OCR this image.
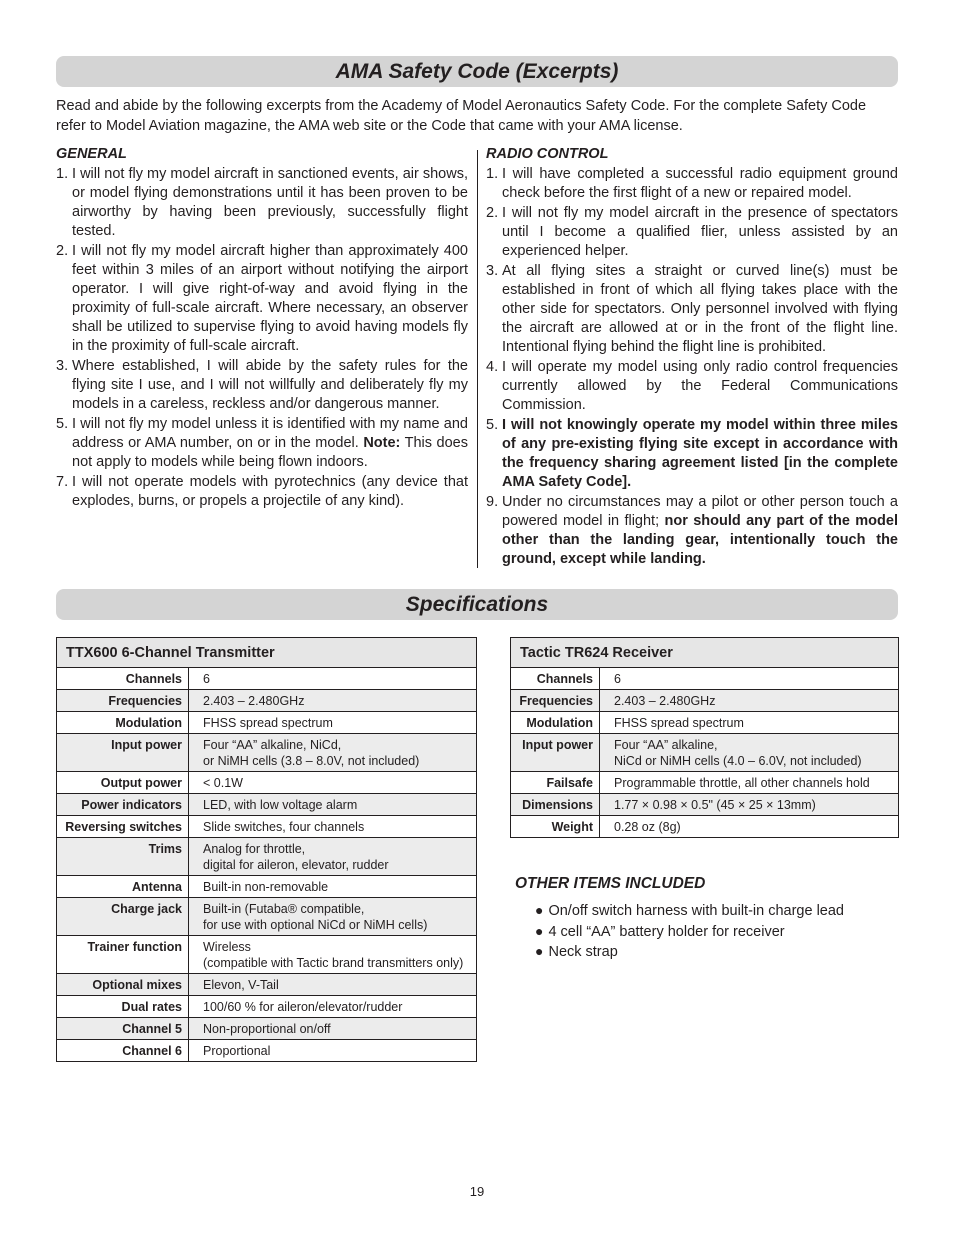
AMA Safety Code (Excerpts)

Read and abide by the following excerpts from the Academy of Model Aeronautics Safety Code. For the complete Safety Code refer to Model Aviation magazine, the AMA web site or the Code that came with your AMA license.

GENERAL
1. I will not fly my model aircraft in sanctioned events, air shows, or model flying demonstrations until it has been proven to be airworthy by having been previously, successfully flight tested.
2. I will not fly my model aircraft higher than approximately 400 feet within 3 miles of an airport without notifying the airport operator. I will give right-of-way and avoid flying in the proximity of full-scale aircraft. Where necessary, an observer shall be utilized to supervise flying to avoid having models fly in the proximity of full-scale aircraft.
3. Where established, I will abide by the safety rules for the flying site I use, and I will not willfully and deliberately fly my models in a careless, reckless and/or dangerous manner.
5. I will not fly my model unless it is identified with my name and address or AMA number, on or in the model. Note: This does not apply to models while being flown indoors.
7. I will not operate models with pyrotechnics (any device that explodes, burns, or propels a projectile of any kind).
RADIO CONTROL
1. I will have completed a successful radio equipment ground check before the first flight of a new or repaired model.
2. I will not fly my model aircraft in the presence of spectators until I become a qualified flier, unless assisted by an experienced helper.
3. At all flying sites a straight or curved line(s) must be established in front of which all flying takes place with the other side for spectators. Only personnel involved with flying the aircraft are allowed at or in the front of the flight line. Intentional flying behind the flight line is prohibited.
4. I will operate my model using only radio control frequencies currently allowed by the Federal Communications Commission.
5. I will not knowingly operate my model within three miles of any pre-existing flying site except in accordance with the frequency sharing agreement listed [in the complete AMA Safety Code].
9. Under no circumstances may a pilot or other person touch a powered model in flight; nor should any part of the model other than the landing gear, intentionally touch the ground, except while landing.
Specifications
TTX600 6-Channel Transmitter	
Channels	6

Frequencies	2.403 – 2.480GHz

Modulation	FHSS spread spectrum

Input power	Four “AA” alkaline, NiCd,
or NiMH cells (3.8 – 8.0V, not included)

Output power	< 0.1W

Power indicators	LED, with low voltage alarm

Reversing switches	Slide switches, four channels

Trims	Analog for throttle,
digital for aileron, elevator, rudder

Antenna	Built-in non-removable

Charge jack	Built-in (Futaba® compatible,
for use with optional NiCd or NiMH cells)

Trainer function	Wireless
(compatible with Tactic brand transmitters only)

Optional mixes	Elevon, V-Tail

Dual rates	100/60 % for aileron/elevator/rudder

Channel 5	Non-proportional on/off

Channel 6	Proportional
Tactic TR624 Receiver	
Channels	6

Frequencies	2.403 – 2.480GHz

Modulation	FHSS spread spectrum

Input power	Four “AA” alkaline,
NiCd or NiMH cells (4.0 – 6.0V, not included)

Failsafe	Programmable throttle, all other channels hold

Dimensions	1.77 × 0.98 × 0.5" (45 × 25 × 13mm)

Weight	0.28 oz (8g)
OTHER ITEMS INCLUDED
● On/off switch harness with built-in charge lead
● 4 cell “AA” battery holder for receiver
● Neck strap
19
